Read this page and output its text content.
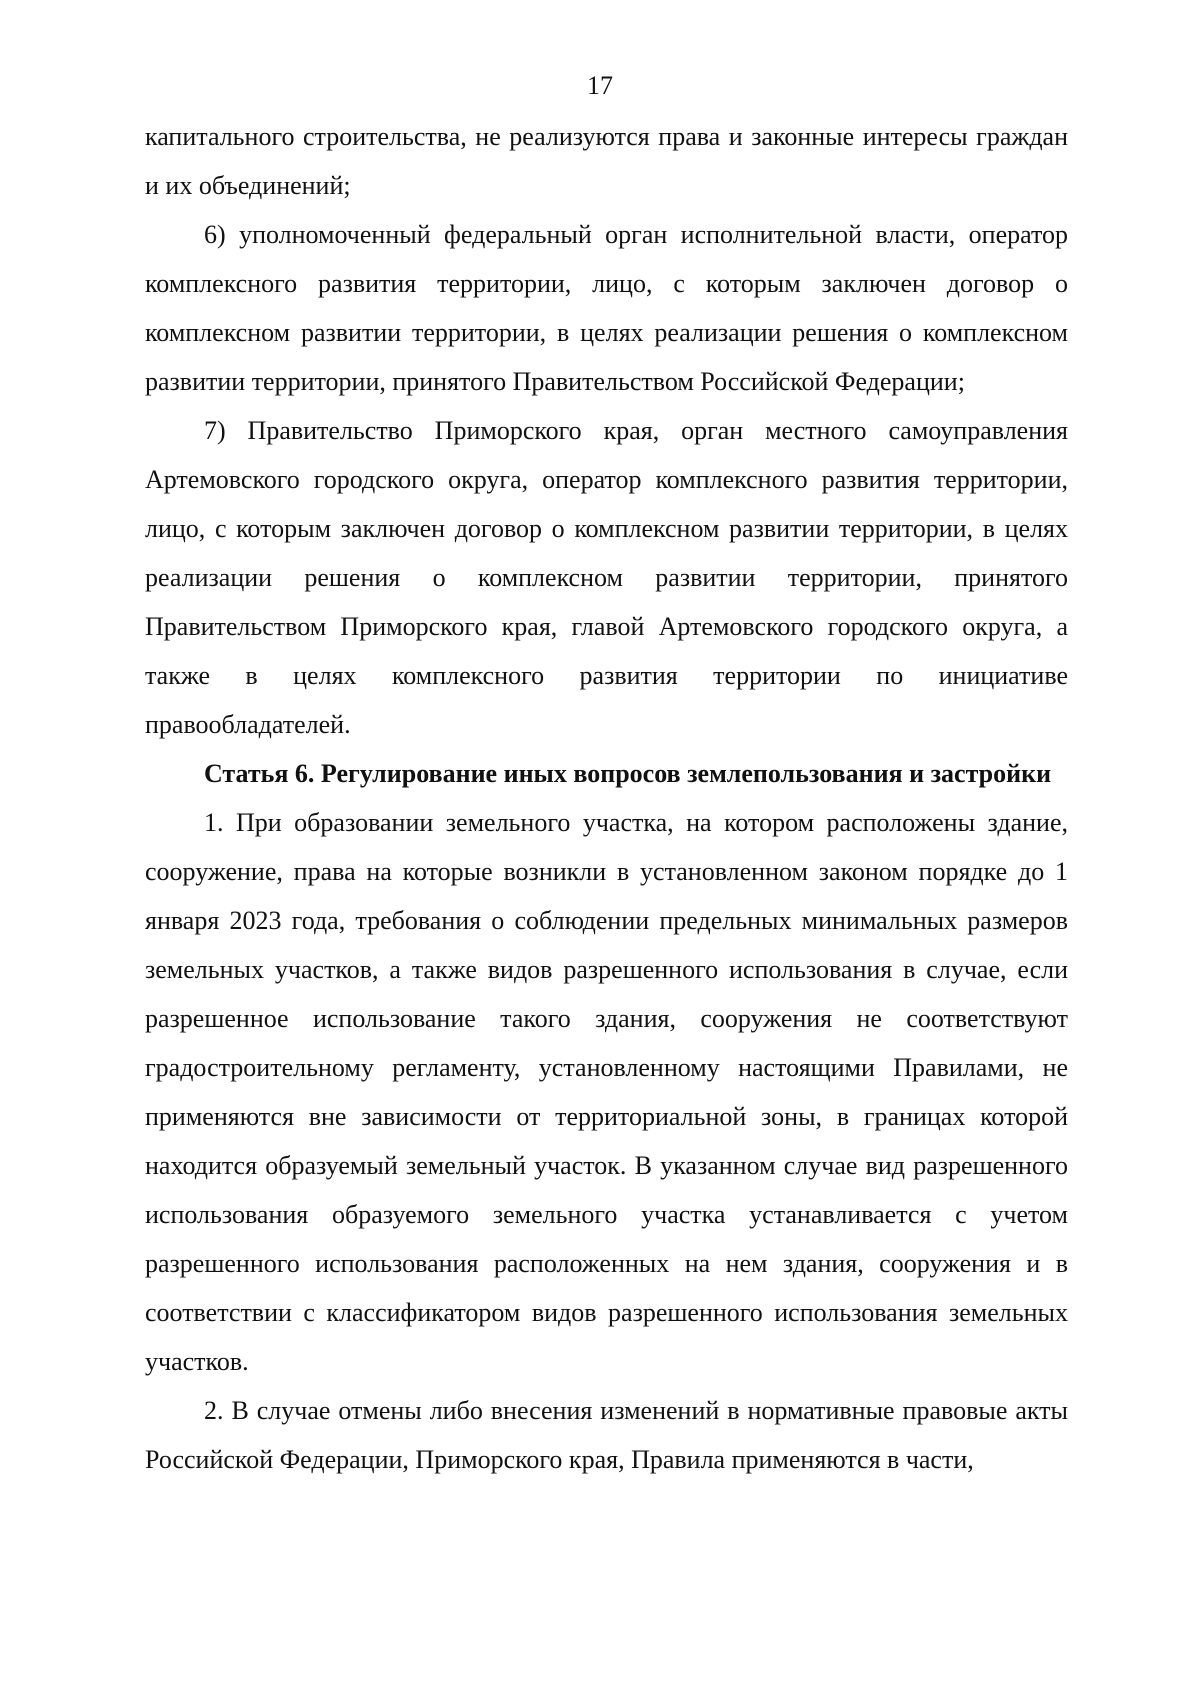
17

капитального строительства, не реализуются права и законные интересы граждан и их объединений;

6) уполномоченный федеральный орган исполнительной власти, оператор комплексного развития территории, лицо, с которым заключен договор о комплексном развитии территории, в целях реализации решения о комплексном развитии территории, принятого Правительством Российской Федерации;

7) Правительство Приморского края, орган местного самоуправления Артемовского городского округа, оператор комплексного развития территории, лицо, с которым заключен договор о комплексном развитии территории, в целях реализации решения о комплексном развитии территории, принятого Правительством Приморского края, главой Артемовского городского округа, а также в целях комплексного развития территории по инициативе правообладателей.

Статья 6. Регулирование иных вопросов землепользования и застройки

1. При образовании земельного участка, на котором расположены здание, сооружение, права на которые возникли в установленном законом порядке до 1 января 2023 года, требования о соблюдении предельных минимальных размеров земельных участков, а также видов разрешенного использования в случае, если разрешенное использование такого здания, сооружения не соответствуют градостроительному регламенту, установленному настоящими Правилами, не применяются вне зависимости от территориальной зоны, в границах которой находится образуемый земельный участок. В указанном случае вид разрешенного использования образуемого земельного участка устанавливается с учетом разрешенного использования расположенных на нем здания, сооружения и в соответствии с классификатором видов разрешенного использования земельных участков.

2. В случае отмены либо внесения изменений в нормативные правовые акты Российской Федерации, Приморского края, Правила применяются в части,
